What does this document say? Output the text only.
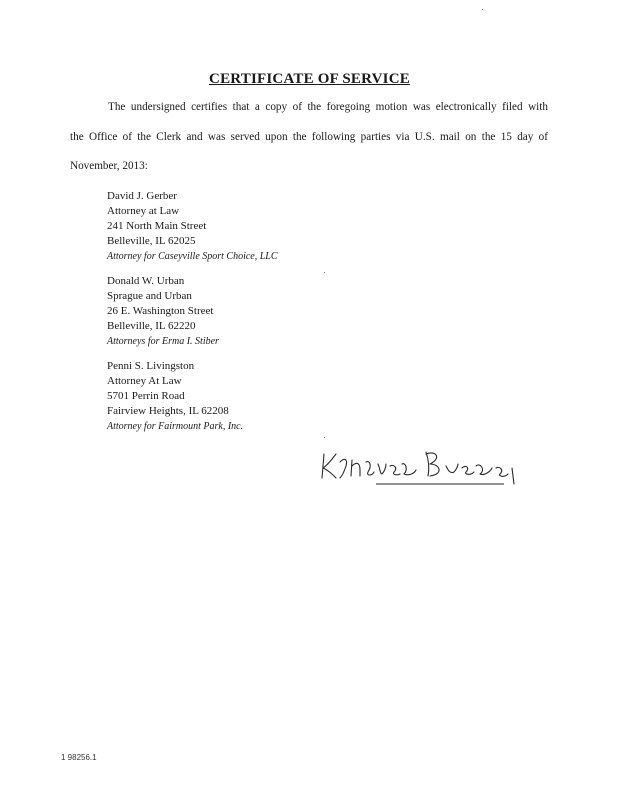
CERTIFICATE OF SERVICE
The undersigned certifies that a copy of the foregoing motion was electronically filed with
the Office of the Clerk and was served upon the following parties via U.S. mail on the 15 day of
November, 2013:
David J. Gerber
Attorney at Law
241 North Main Street
Belleville, IL 62025
Attorney for Caseyville Sport Choice, LLC
Donald W. Urban
Sprague and Urban
26 E. Washington Street
Belleville, IL 62220
Attorneys for Erma I. Stiber
Penni S. Livingston
Attorney At Law
5701 Perrin Road
Fairview Heights, IL 62208
Attorney for Fairmount Park, Inc.
1 98256.1
